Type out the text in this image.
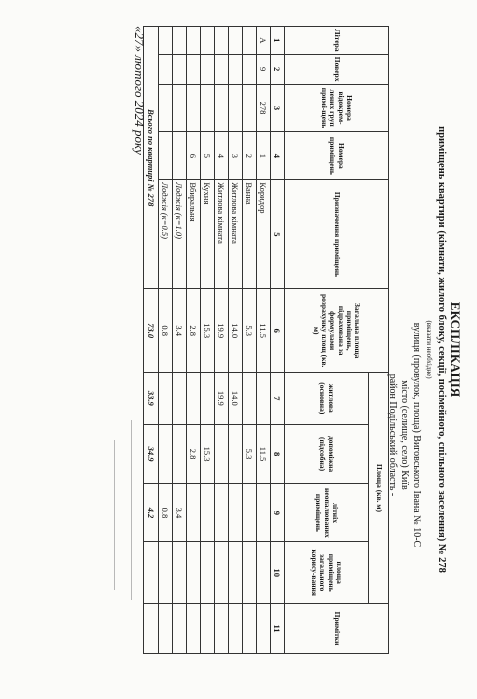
ЕКСПЛІКАЦІЯ
приміщень квартири (кімнати, жилого блоку, секції, посімейного, спільного заселення) № 278
(вказати необхідне)
вулиця (провулок, площа) Виговського Івана № 10-С
місто (селище, село) Київ
район Подільський область -
Літера	Поверх	Номера відокрем-лених груп примі-щень	Номера приміщень	Призначення приміщень	Загальна площа приміщень, підрахована за формулами розрахунку площ (кв. м)	Площа (кв. м)				Примітки
						житлова (основна)	допоміжна (підсобна)	літніх неопалюваних приміщень	площа приміщень загального корису-вання	
1	2	3	4	5	6	7	8	9	10	11
А	9	278	1	Коридор	11.5		11.5			
			2	Ванна	5.3		5.3			
			3	Житлова кімната	14.0	14.0				
			4	Житлова кімната	19.9	19.9				
			5	Кухня	15.3		15.3			
			6	Вбиральня	2.8		2.8			
				Лоджія (к=1.0)	3.4			3.4		
				Лоджія (к=0.5)	0.8			0.8		
Всього по квартирі № 278					73.0	33.9	34.9	4.2		
«27» лютого 2024 року
